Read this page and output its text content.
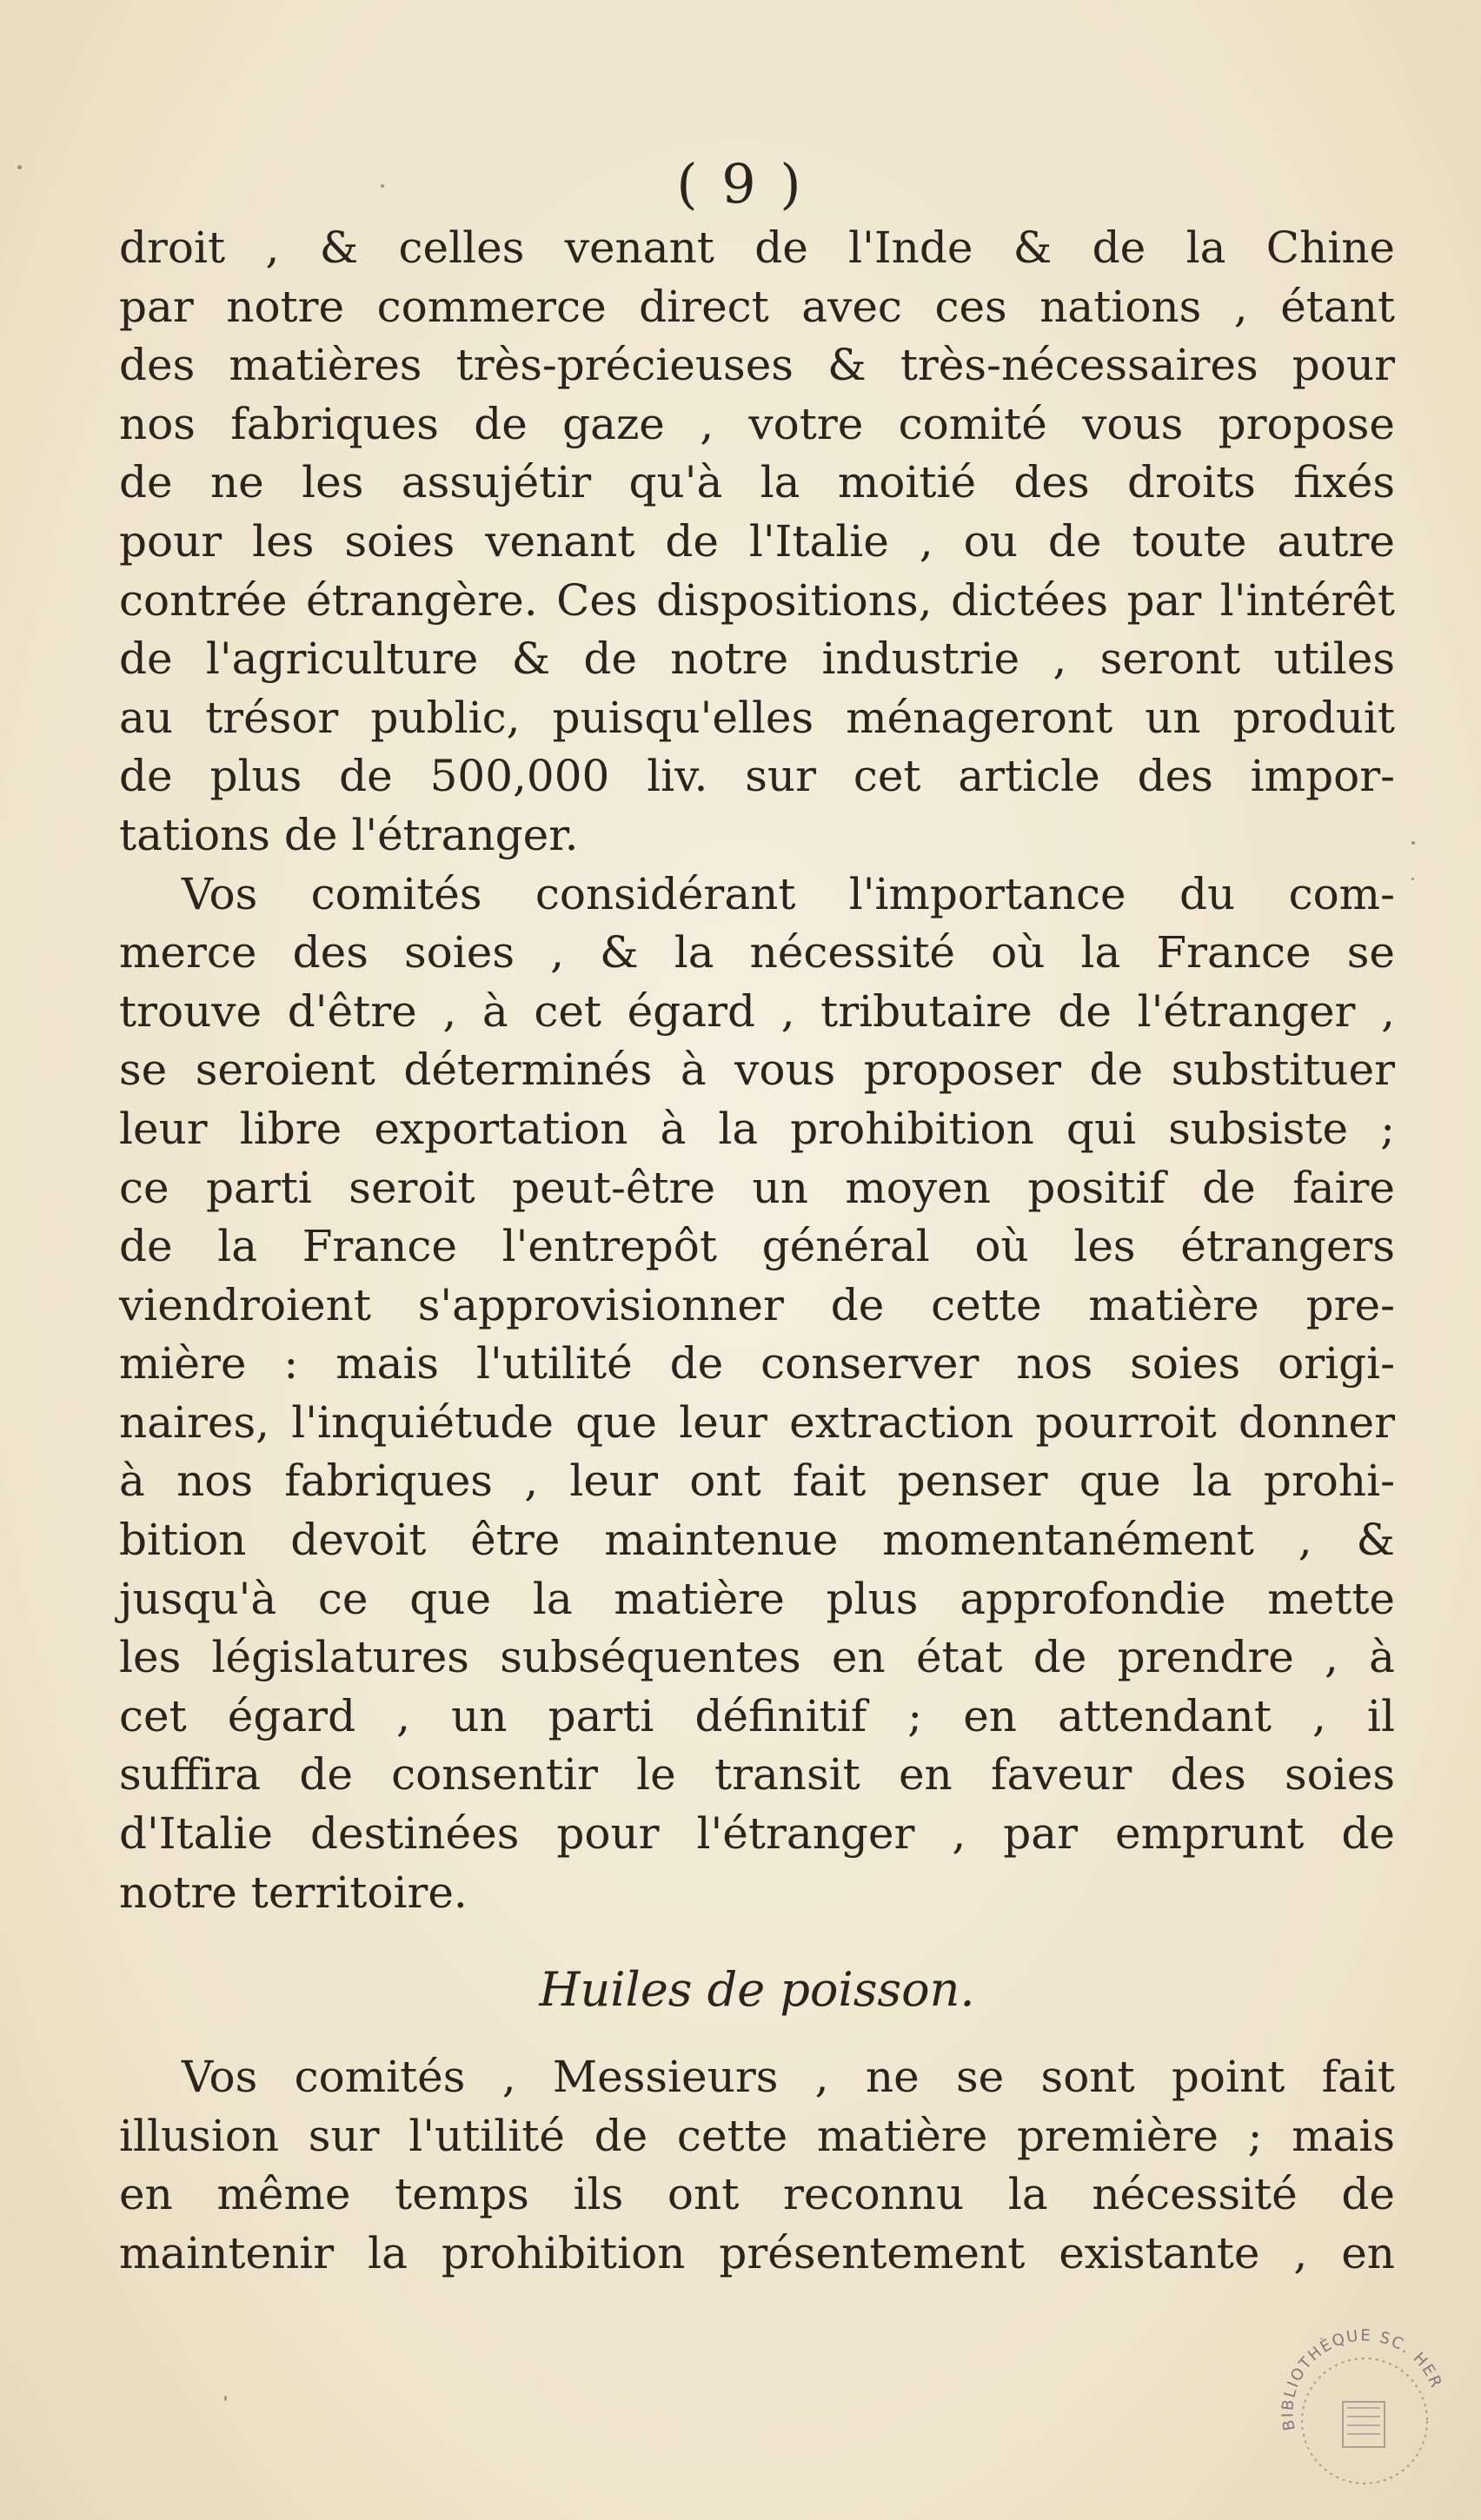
( 9 )
droit , & celles venant de l'Inde & de la Chine
par notre commerce direct avec ces nations , étant
des matières très-précieuses & très-nécessaires pour
nos fabriques de gaze , votre comité vous propose
de ne les assujétir qu'à la moitié des droits fixés
pour les soies venant de l'Italie , ou de toute autre
contrée étrangère. Ces dispositions, dictées par l'intérêt
de l'agriculture & de notre industrie , seront utiles
au trésor public, puisqu'elles ménageront un produit
de plus de 500,000 liv. sur cet article des impor-
tations de l'étranger.
Vos comités considérant l'importance du com-
merce des soies , & la nécessité où la France se
trouve d'être , à cet égard , tributaire de l'étranger ,
se seroient déterminés à vous proposer de substituer
leur libre exportation à la prohibition qui subsiste ;
ce parti seroit peut-être un moyen positif de faire
de la France l'entrepôt général où les étrangers
viendroient s'approvisionner de cette matière pre-
mière : mais l'utilité de conserver nos soies origi-
naires, l'inquiétude que leur extraction pourroit donner
à nos fabriques , leur ont fait penser que la prohi-
bition devoit être maintenue momentanément , &
jusqu'à ce que la matière plus approfondie mette
les législatures subséquentes en état de prendre , à
cet égard , un parti définitif ; en attendant , il
suffira de consentir le transit en faveur des soies
d'Italie destinées pour l'étranger , par emprunt de
notre territoire.
Huiles de poisson.
Vos comités , Messieurs , ne se sont point fait
illusion sur l'utilité de cette matière première ; mais
en même temps ils ont reconnu la nécessité de
maintenir la prohibition présentement existante , en
BIBLIOTHÈQUE SC. HER
